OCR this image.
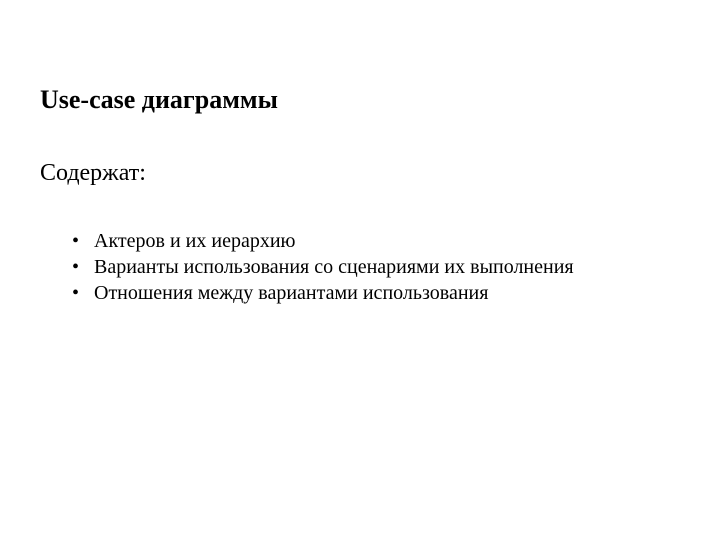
Use-case диаграммы

Содержат:

• Актеров и их иерархию
• Варианты использования со сценариями их выполнения
• Отношения между вариантами использования
